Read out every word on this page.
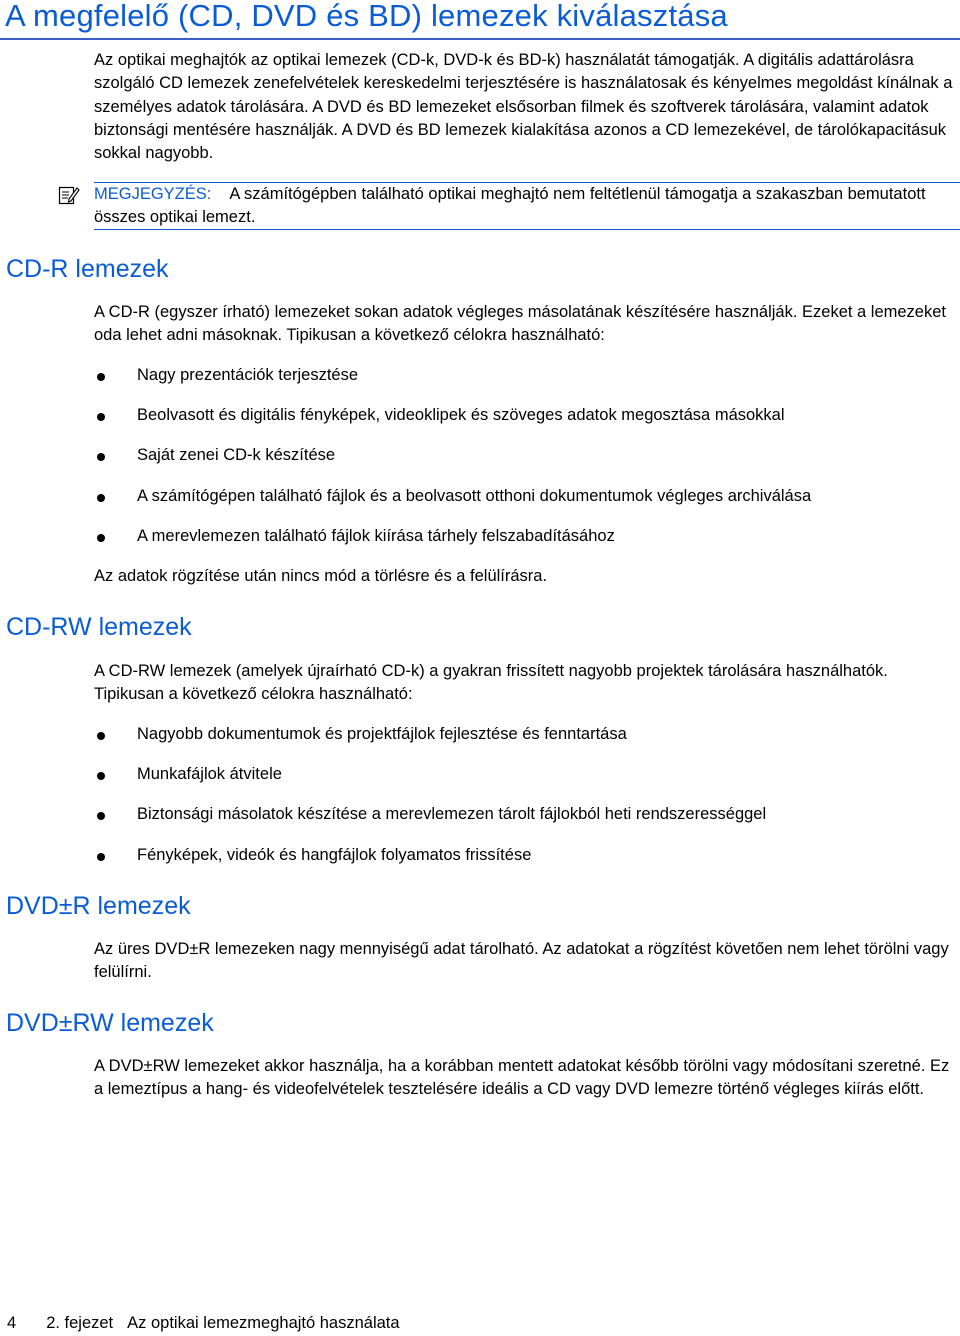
A megfelelő (CD, DVD és BD) lemezek kiválasztása

Az optikai meghajtók az optikai lemezek (CD-k, DVD-k és BD-k) használatát támogatják. A digitális adattárolásra szolgáló CD lemezek zenefelvételek kereskedelmi terjesztésére is használatosak és kényelmes megoldást kínálnak a személyes adatok tárolására. A DVD és BD lemezeket elsősorban filmek és szoftverek tárolására, valamint adatok biztonsági mentésére használják. A DVD és BD lemezek kialakítása azonos a CD lemezekével, de tárolókapacitásuk sokkal nagyobb.

MEGJEGYZÉS: A számítógépben található optikai meghajtó nem feltétlenül támogatja a szakaszban bemutatott összes optikai lemezt.

CD-R lemezek

A CD-R (egyszer írható) lemezeket sokan adatok végleges másolatának készítésére használják. Ezeket a lemezeket oda lehet adni másoknak. Tipikusan a következő célokra használható:

Nagy prezentációk terjesztése
Beolvasott és digitális fényképek, videoklipek és szöveges adatok megosztása másokkal
Saját zenei CD-k készítése
A számítógépen található fájlok és a beolvasott otthoni dokumentumok végleges archiválása
A merevlemezen található fájlok kiírása tárhely felszabadításához

Az adatok rögzítése után nincs mód a törlésre és a felülírásra.

CD-RW lemezek

A CD-RW lemezek (amelyek újraírható CD-k) a gyakran frissített nagyobb projektek tárolására használhatók. Tipikusan a következő célokra használható:

Nagyobb dokumentumok és projektfájlok fejlesztése és fenntartása
Munkafájlok átvitele
Biztonsági másolatok készítése a merevlemezen tárolt fájlokból heti rendszerességgel
Fényképek, videók és hangfájlok folyamatos frissítése
DVD±R lemezek

Az üres DVD±R lemezeken nagy mennyiségű adat tárolható. Az adatokat a rögzítést követően nem lehet törölni vagy felülírni.

DVD±RW lemezek

A DVD±RW lemezeket akkor használja, ha a korábban mentett adatokat később törölni vagy módosítani szeretné. Ez a lemeztípus a hang- és videofelvételek tesztelésére ideális a CD vagy DVD lemezre történő végleges kiírás előtt.

4 2. fejezet Az optikai lemezmeghajtó használata
